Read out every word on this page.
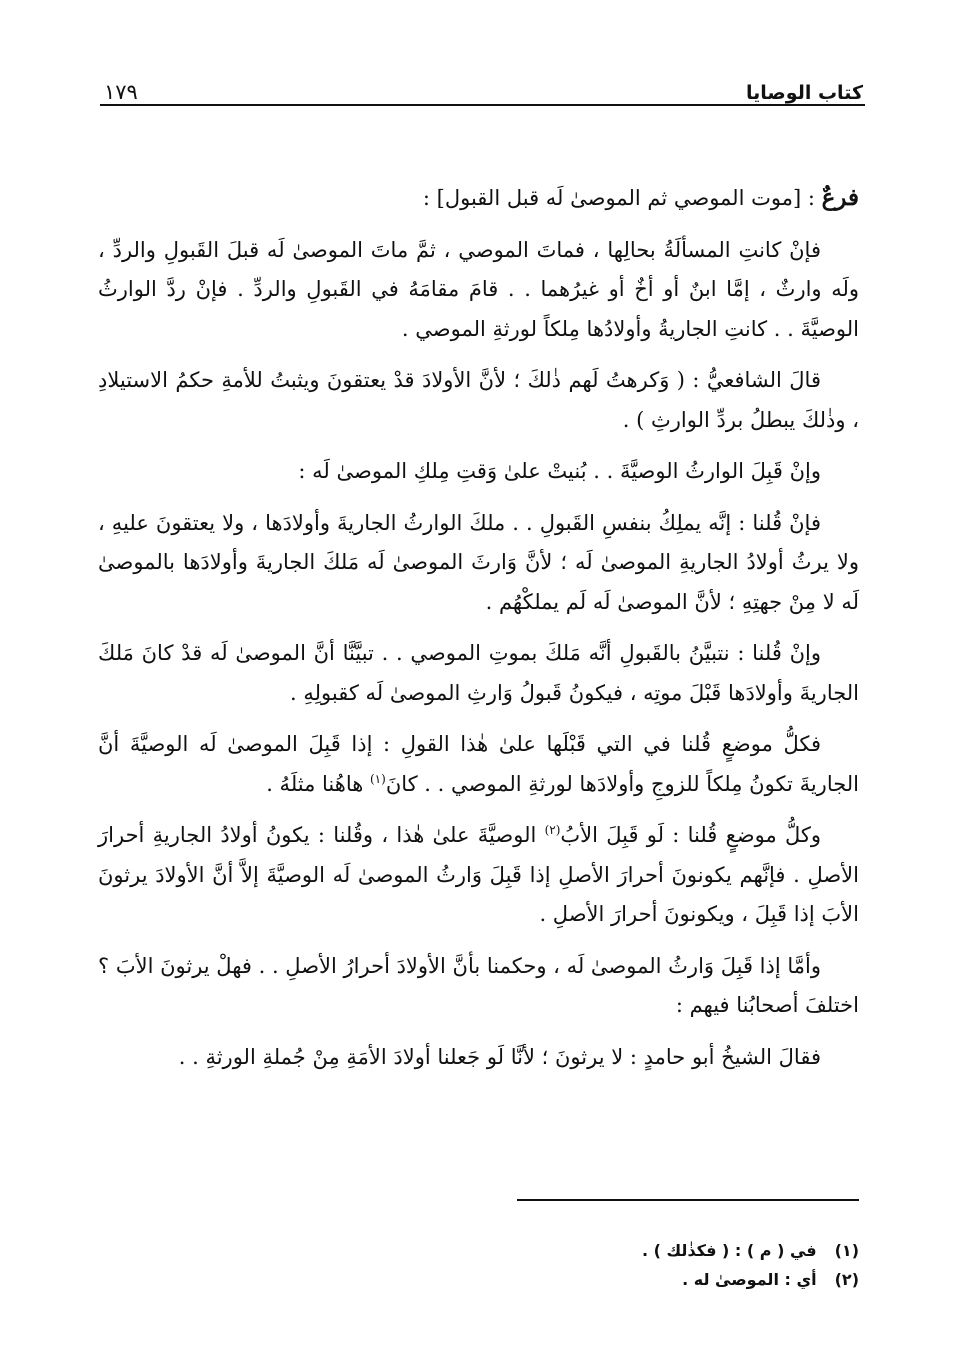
كتاب الوصايا
١٧٩

فرعٌ : [موت الموصي ثم الموصىٰ لَه قبل القبول] :

فإنْ كانتِ المسألَةُ بحالِها ، فماتَ الموصي ، ثمَّ ماتَ الموصىٰ لَه قبلَ القَبولِ والردِّ ، ولَه وارثٌ ، إمَّا ابنٌ أو أخٌ أو غيرُهما . . قامَ مقامَهُ في القَبولِ والردِّ . فإنْ ردَّ الوارثُ الوصيَّةَ . . كانتِ الجاريةُ وأولادُها مِلكاً لورثةِ الموصي .

قالَ الشافعيُّ : ( وَكرهتُ لَهم ذٰلكَ ؛ لأنَّ الأولادَ قدْ يعتقونَ ويثبتُ للأمةِ حكمُ الاستيلادِ ، وذٰلكَ يبطلُ بردِّ الوارثِ ) .

وإنْ قَبِلَ الوارثُ الوصيَّةَ . . بُنيتْ علىٰ وَقتِ مِلكِ الموصىٰ لَه :

فإنْ قُلنا : إنَّه يملِكُ بنفسِ القَبولِ . . ملكَ الوارثُ الجاريةَ وأولادَها ، ولا يعتقونَ عليهِ ، ولا يرثُ أولادُ الجاريةِ الموصىٰ لَه ؛ لأنَّ وَارثَ الموصىٰ لَه مَلكَ الجاريةَ وأولادَها بالموصىٰ لَه لا مِنْ جهتِهِ ؛ لأنَّ الموصىٰ لَه لَم يملكْهُم .

وإنْ قُلنا : نتبيَّنُ بالقَبولِ أنَّه مَلكَ بموتِ الموصي . . تبيَّنَّا أنَّ الموصىٰ لَه قدْ كانَ مَلكَ الجاريةَ وأولادَها قَبْلَ موتِه ، فيكونُ قَبولُ وَارثِ الموصىٰ لَه كقبولِهِ .

فكلُّ موضعٍ قُلنا في التي قَبْلَها علىٰ هٰذا القولِ : إذا قَبِلَ الموصىٰ لَه الوصيَّةَ أنَّ الجاريةَ تكونُ مِلكاً للزوجِ وأولادَها لورثةِ الموصي . . كانَ$^{(١)}$ هاهُنا مثلَهُ .

وكلُّ موضعٍ قُلنا : لَو قَبِلَ الأبُ$^{(٢)}$ الوصيَّةَ علىٰ هٰذا ، وقُلنا : يكونُ أولادُ الجاريةِ أحرارَ الأصلِ . فإنَّهم يكونونَ أحرارَ الأصلِ إذا قَبِلَ وَارثُ الموصىٰ لَه الوصيَّةَ إلاَّ أنَّ الأولادَ يرثونَ الأبَ إذا قَبِلَ ، ويكونونَ أحرارَ الأصلِ .

وأمَّا إذا قَبِلَ وَارثُ الموصىٰ لَه ، وحكمنا بأنَّ الأولادَ أحرارُ الأصلِ . . فهلْ يرثونَ الأبَ ؟ اختلفَ أصحابُنا فيهم :

فقالَ الشيخُ أبو حامدٍ : لا يرثونَ ؛ لأنَّا لَو جَعلنا أولادَ الأمَةِ مِنْ جُملةِ الورثةِ . .

(١)
في ( م ) : ( فكذٰلك ) .
(٢)
أي : الموصىٰ له .
